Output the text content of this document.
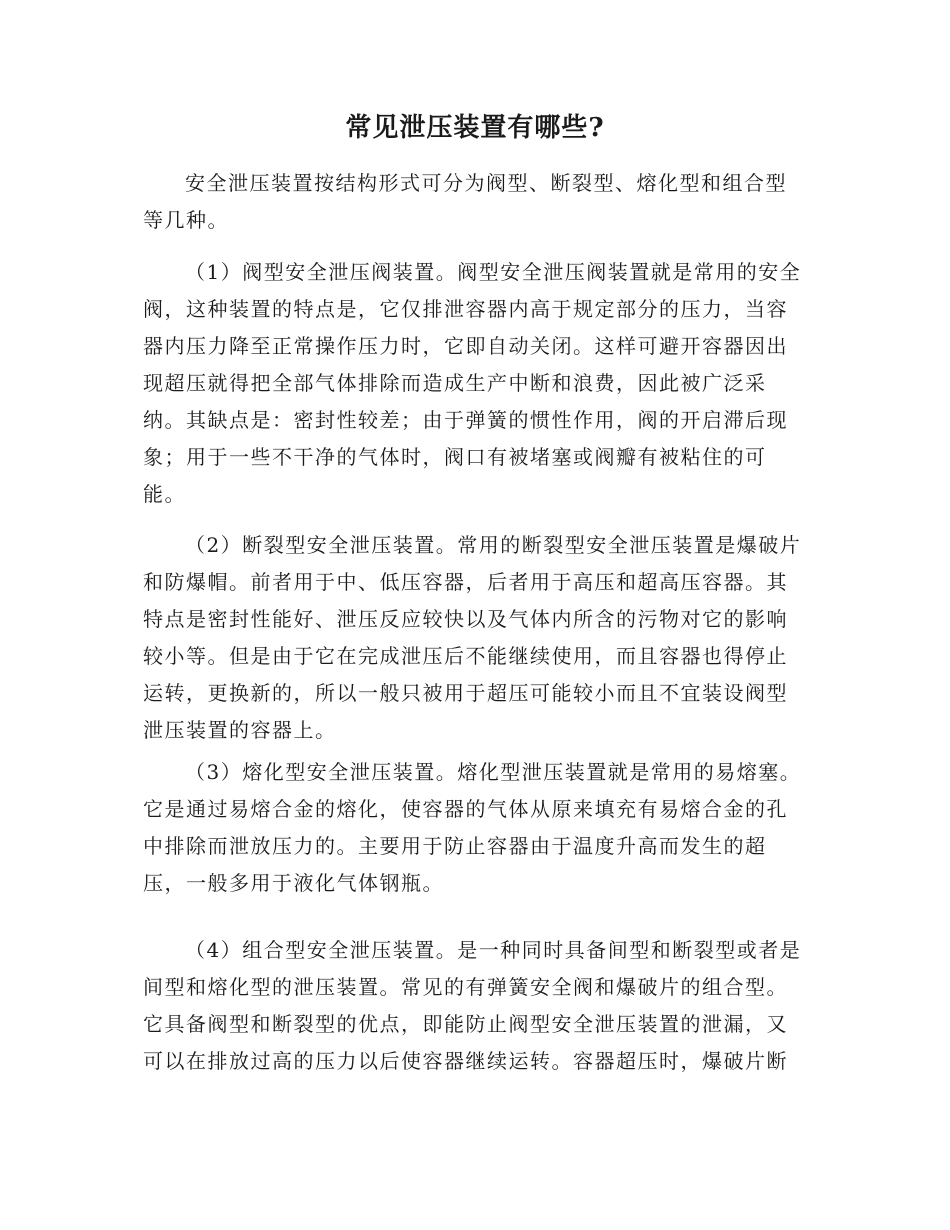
常见泄压装置有哪些?

安全泄压装置按结构形式可分为阀型、断裂型、熔化型和组合型等几种。

（1）阀型安全泄压阀装置。阀型安全泄压阀装置就是常用的安全阀，这种装置的特点是，它仅排泄容器内高于规定部分的压力，当容器内压力降至正常操作压力时，它即自动关闭。这样可避开容器因出现超压就得把全部气体排除而造成生产中断和浪费，因此被广泛采纳。其缺点是：密封性较差；由于弹簧的惯性作用，阀的开启滞后现象；用于一些不干净的气体时，阀口有被堵塞或阀瓣有被粘住的可能。

（2）断裂型安全泄压装置。常用的断裂型安全泄压装置是爆破片和防爆帽。前者用于中、低压容器，后者用于高压和超高压容器。其特点是密封性能好、泄压反应较快以及气体内所含的污物对它的影响较小等。但是由于它在完成泄压后不能继续使用，而且容器也得停止运转，更换新的，所以一般只被用于超压可能较小而且不宜装设阀型泄压装置的容器上。

（3）熔化型安全泄压装置。熔化型泄压装置就是常用的易熔塞。它是通过易熔合金的熔化，使容器的气体从原来填充有易熔合金的孔中排除而泄放压力的。主要用于防止容器由于温度升高而发生的超压，一般多用于液化气体钢瓶。

（4）组合型安全泄压装置。是一种同时具备间型和断裂型或者是间型和熔化型的泄压装置。常见的有弹簧安全阀和爆破片的组合型。它具备阀型和断裂型的优点，即能防止阀型安全泄压装置的泄漏，又可以在排放过高的压力以后使容器继续运转。容器超压时，爆破片断
